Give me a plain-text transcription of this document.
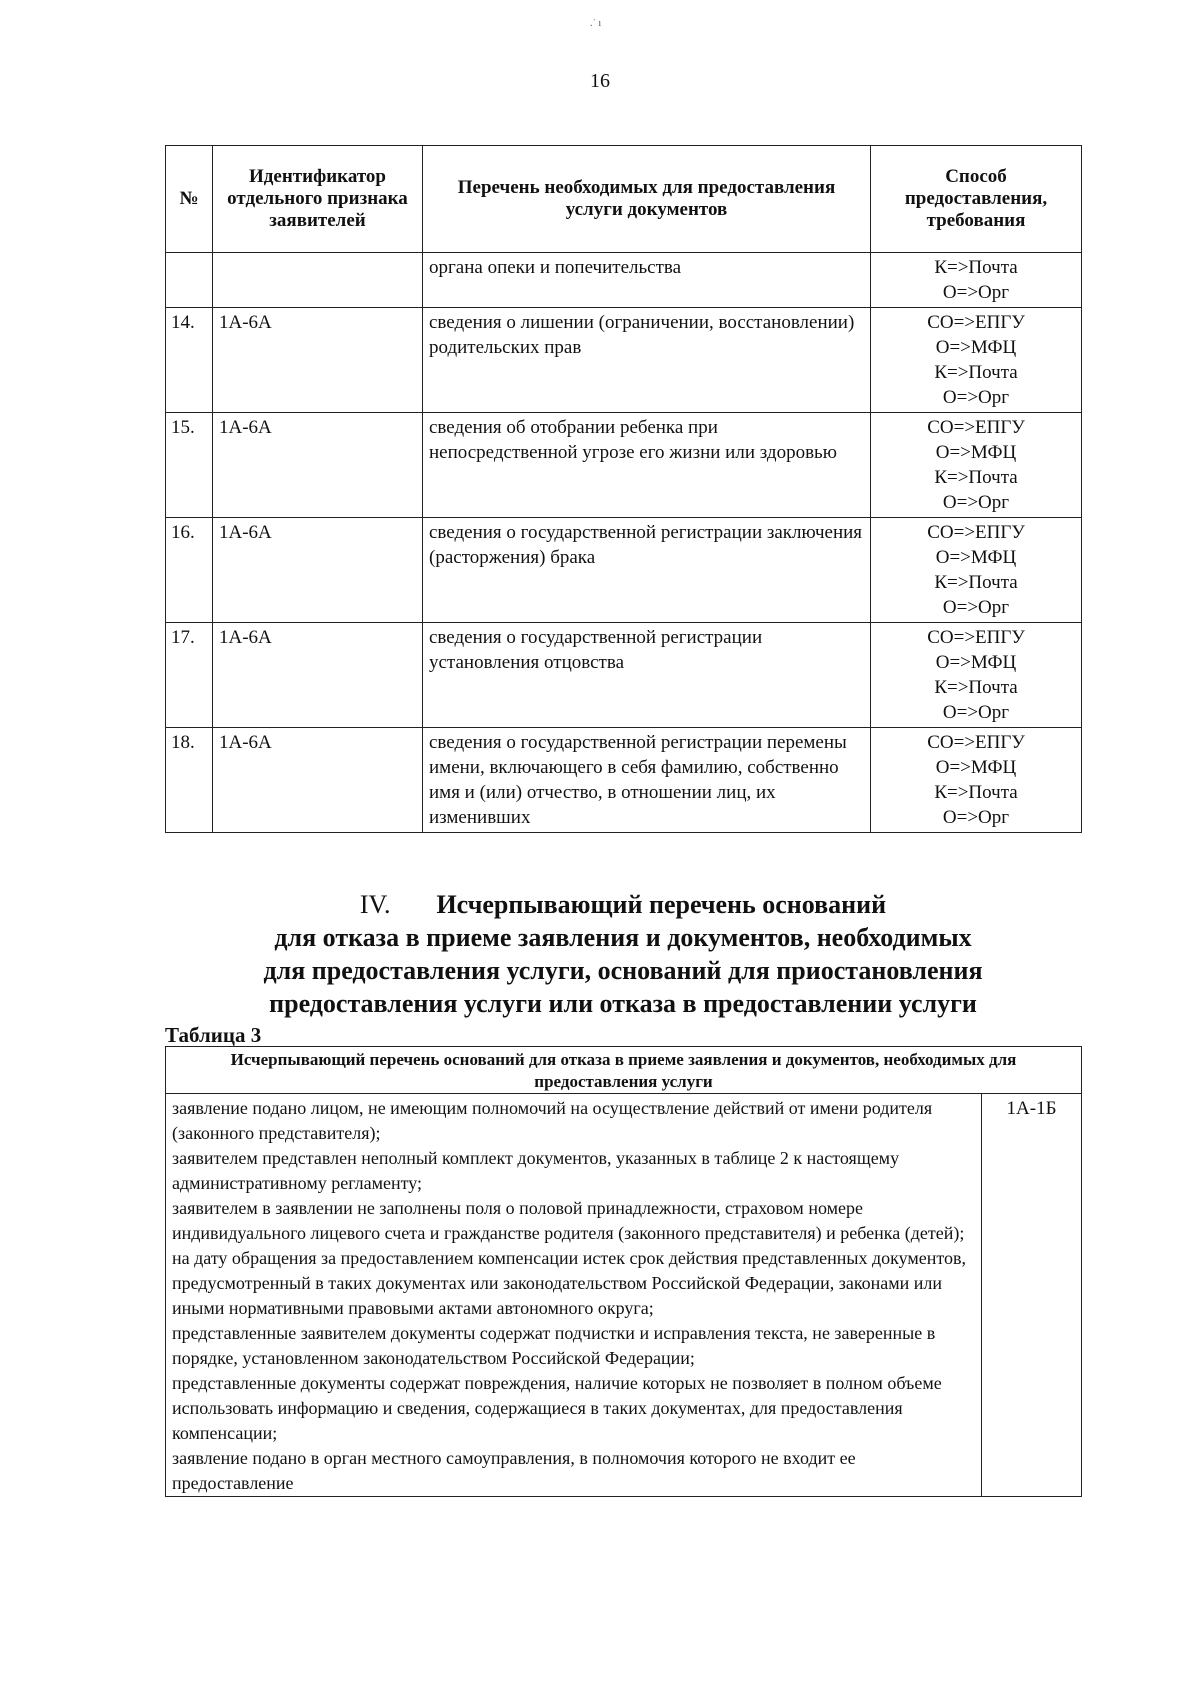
.ˈ ı
16
№	Идентификатор отдельного признака заявителей	Перечень необходимых для предоставления услуги документов	Способ предоставления, требования
		органа опеки и попечительства	К=>Почта
О=>Орг

14.	1А-6А	сведения о лишении (ограничении, восстановлении) родительских прав	СО=>ЕПГУ
О=>МФЦ
К=>Почта
О=>Орг

15.	1А-6А	сведения об отобрании ребенка при непосредственной угрозе его жизни или здоровью	СО=>ЕПГУ
О=>МФЦ
К=>Почта
О=>Орг

16.	1А-6А	сведения о государственной регистрации заключения (расторжения) брака	СО=>ЕПГУ
О=>МФЦ
К=>Почта
О=>Орг

17.	1А-6А	сведения о государственной регистрации установления отцовства	СО=>ЕПГУ
О=>МФЦ
К=>Почта
О=>Орг

18.	1А-6А	сведения о государственной регистрации перемены имени, включающего в себя фамилию, собственно имя и (или) отчество, в отношении лиц, их изменивших	СО=>ЕПГУ
О=>МФЦ
К=>Почта
О=>Орг
IV. Исчерпывающий перечень оснований
для отказа в приеме заявления и документов, необходимых
для предоставления услуги, оснований для приостановления
предоставления услуги или отказа в предоставлении услуги
Таблица 3
Исчерпывающий перечень оснований для отказа в приеме заявления и документов, необходимых для предоставления услуги

заявление подано лицом, не имеющим полномочий на осуществление действий от имени родителя (законного представителя);
заявителем представлен неполный комплект документов, указанных в таблице 2 к настоящему административному регламенту;
заявителем в заявлении не заполнены поля о половой принадлежности, страховом номере индивидуального лицевого счета и гражданстве родителя (законного представителя) и ребенка (детей);
на дату обращения за предоставлением компенсации истек срок действия представленных документов, предусмотренный в таких документах или законодательством Российской Федерации, законами или иными нормативными правовыми актами автономного округа;
представленные заявителем документы содержат подчистки и исправления текста, не заверенные в порядке, установленном законодательством Российской Федерации;
представленные документы содержат повреждения, наличие которых не позволяет в полном объеме использовать информацию и сведения, содержащиеся в таких документах, для предоставления компенсации;
заявление подано в орган местного самоуправления, в полномочия которого не входит ее предоставление
	1А-1Б
